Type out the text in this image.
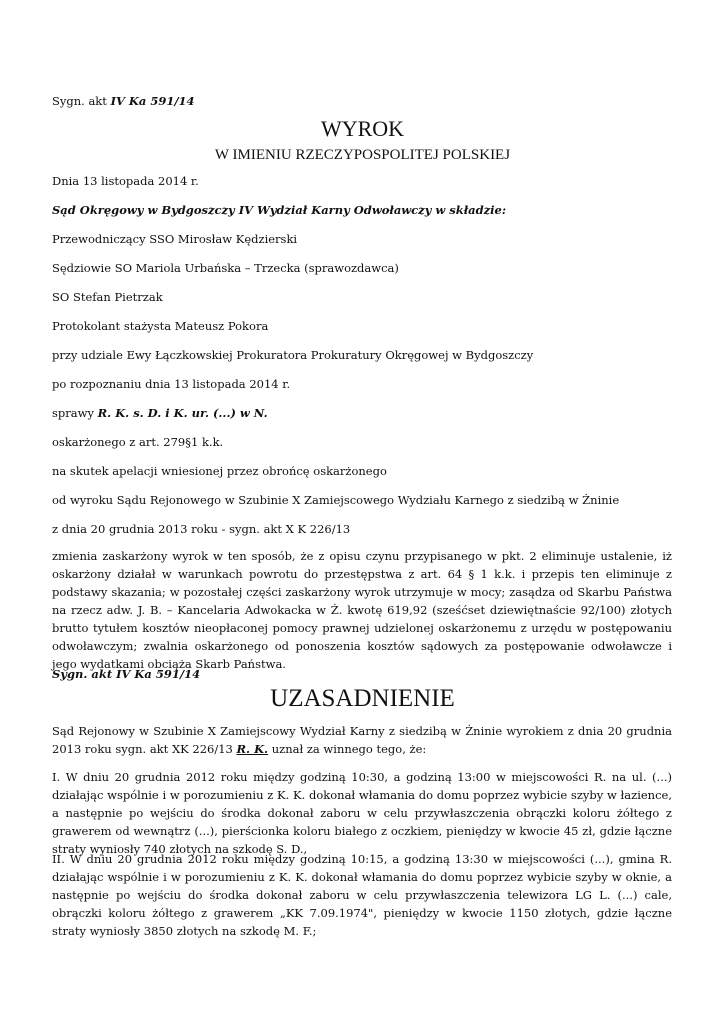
Sygn. akt IV Ka 591/14
WYROK
W IMIENIU RZECZYPOSPOLITEJ POLSKIEJ
Dnia 13 listopada 2014 r.
Sąd Okręgowy w Bydgoszczy IV Wydział Karny Odwoławczy w składzie:
Przewodniczący SSO Mirosław Kędzierski
Sędziowie SO Mariola Urbańska – Trzecka (sprawozdawca)
SO Stefan Pietrzak
Protokolant stażysta Mateusz Pokora
przy udziale Ewy Łączkowskiej Prokuratora Prokuratury Okręgowej w Bydgoszczy
po rozpoznaniu dnia 13 listopada 2014 r.
sprawy R. K. s. D. i K. ur. (...) w N.
oskarżonego z art. 279§1 k.k.
na skutek apelacji wniesionej przez obrońcę oskarżonego
od wyroku Sądu Rejonowego w Szubinie X Zamiejscowego Wydziału Karnego z siedzibą w Żninie
z dnia 20 grudnia 2013 roku - sygn. akt X K 226/13
zmienia zaskarżony wyrok w ten sposób, że z opisu czynu przypisanego w pkt. 2 eliminuje ustalenie, iż oskarżony działał w warunkach powrotu do przestępstwa z art. 64 § 1 k.k. i przepis ten eliminuje z podstawy skazania; w pozostałej części zaskarżony wyrok utrzymuje w mocy; zasądza od Skarbu Państwa na rzecz adw. J. B. – Kancelaria Adwokacka w Ż. kwotę 619,92 (sześćset dziewiętnaście 92/100) złotych brutto tytułem kosztów nieopłaconej pomocy prawnej udzielonej oskarżonemu z urzędu w postępowaniu odwoławczym; zwalnia oskarżonego od ponoszenia kosztów sądowych za postępowanie odwoławcze i jego wydatkami obciąża Skarb Państwa.
Sygn. akt IV Ka 591/14
UZASADNIENIE
Sąd Rejonowy w Szubinie X Zamiejscowy Wydział Karny z siedzibą w Żninie wyrokiem z dnia 20 grudnia 2013 roku sygn. akt XK 226/13 R. K. uznał za winnego tego, że:
I. W dniu 20 grudnia 2012 roku między godziną 10:30, a godziną 13:00 w miejscowości R. na ul. (...) działając wspólnie i w porozumieniu z K. K. dokonał włamania do domu poprzez wybicie szyby w łazience, a następnie po wejściu do środka dokonał zaboru w celu przywłaszczenia obrączki koloru żółtego z grawerem od wewnątrz (...), pierścionka koloru białego z oczkiem, pieniędzy w kwocie 45 zł, gdzie łączne straty wyniosły 740 złotych na szkodę S. D.,
II. W dniu 20 grudnia 2012 roku między godziną 10:15, a godziną 13:30 w miejscowości (...), gmina R. działając wspólnie i w porozumieniu z K. K. dokonał włamania do domu poprzez wybicie szyby w oknie, a następnie po wejściu do środka dokonał zaboru w celu przywłaszczenia telewizora LG L. (...) cale, obrączki koloru żółtego z grawerem „KK 7.09.1974", pieniędzy w kwocie 1150 złotych, gdzie łączne straty wyniosły 3850 złotych na szkodę M. F.;
